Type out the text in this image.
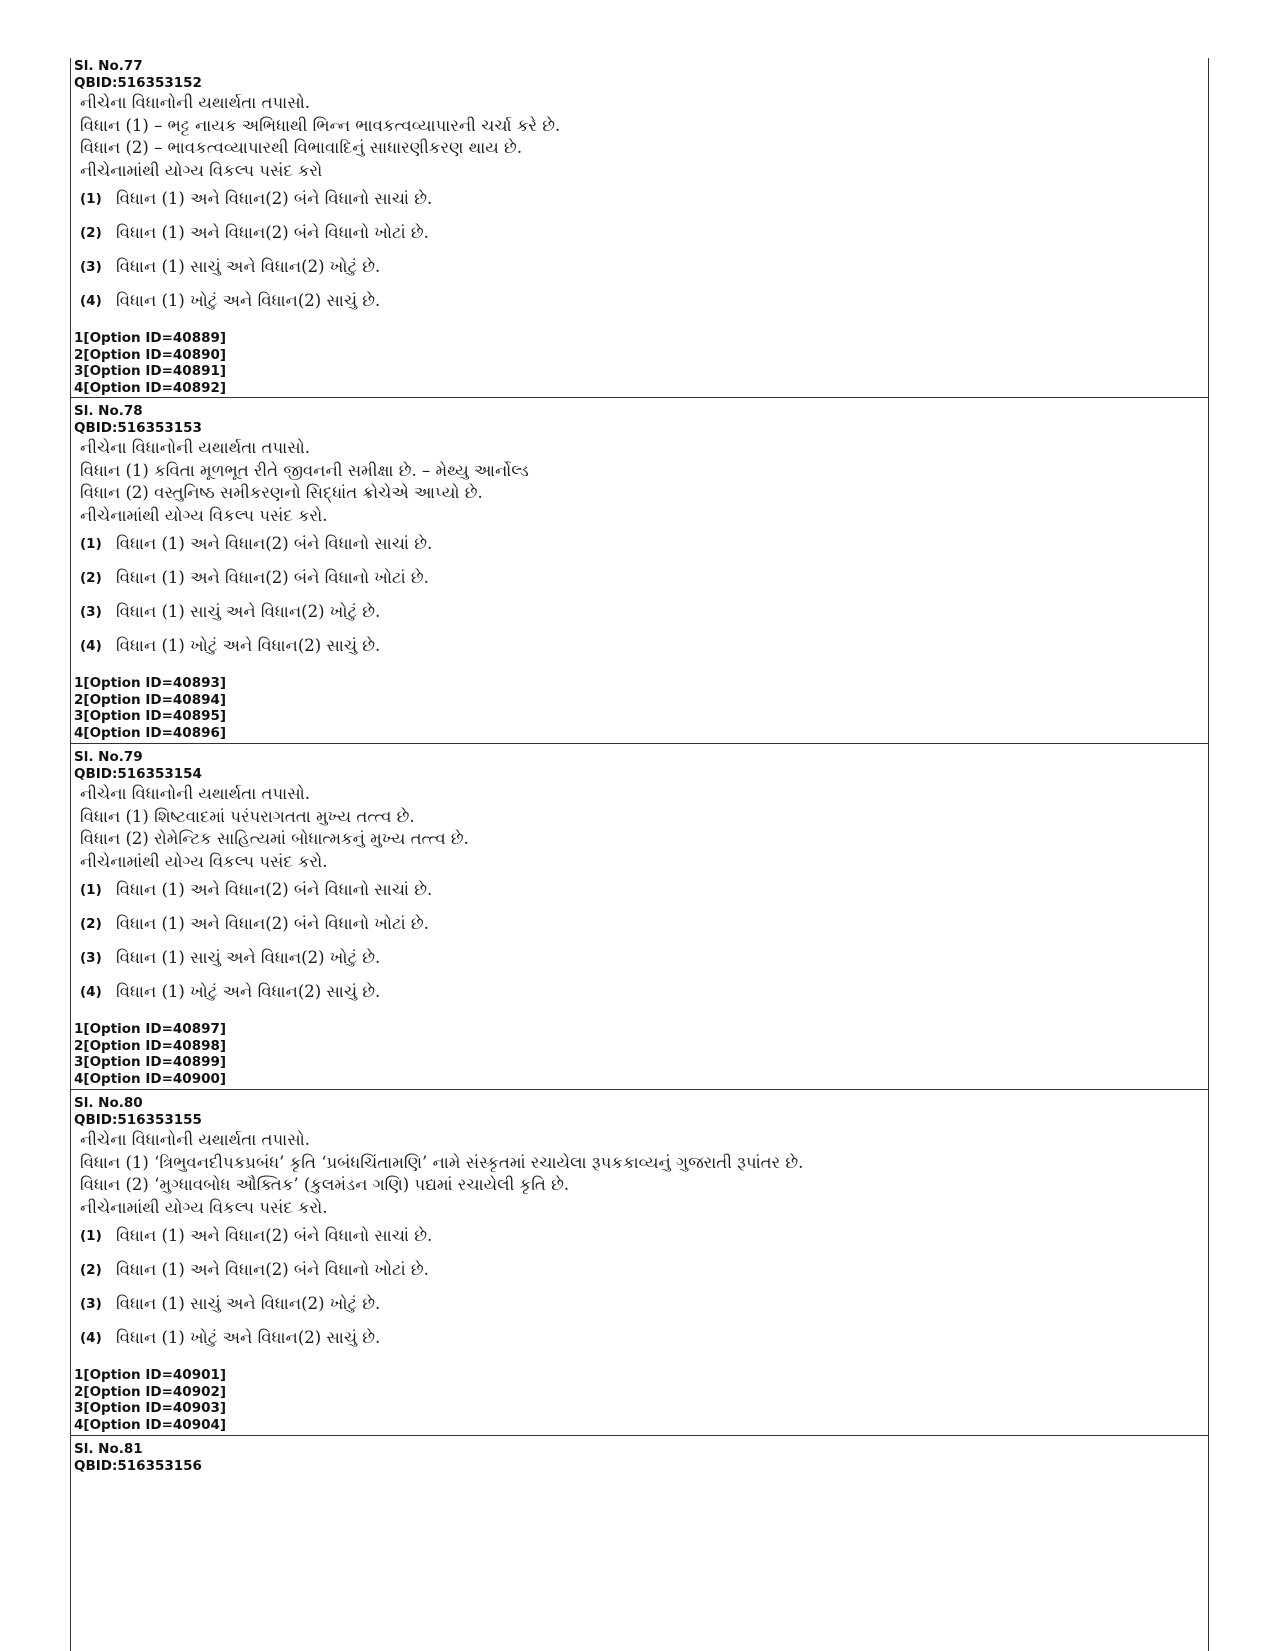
Sl. No.77
QBID:516353152
નીચેના વિધાનોની યથાર્થતા તપાસો.
વિધાન (1) – ભટ્ટ નાયક અભિધાથી ભિન્ન ભાવકત્વવ્યાપારની ચર્ચા કરે છે.
વિધાન (2) – ભાવકત્વવ્યાપારથી વિભાવાદિનું સાધારણીકરણ થાય છે.
નીચેનામાંથી યોગ્ય વિકલ્પ પસંદ કરો
(1) વિધાન (1) અને વિધાન(2) બંને વિધાનો સાચાં છે.
(2) વિધાન (1) અને વિધાન(2) બંને વિધાનો ખોટાં છે.
(3) વિધાન (1) સાચું અને વિધાન(2) ખોટું છે.
(4) વિધાન (1) ખોટું અને વિધાન(2) સાચું છે.
1[Option ID=40889]
2[Option ID=40890]
3[Option ID=40891]
4[Option ID=40892]
Sl. No.78
QBID:516353153
નીચેના વિધાનોની યથાર્થતા તપાસો.
વિધાન (1) કવિતા મૂળભૂત રીતે જીવનની સમીક્ષા છે. – મેથ્યુ આર્નોલ્ડ
વિધાન (2) વસ્તુનિષ્ઠ સમીકરણનો સિદ્ધાંત ક્રોચેએ આપ્યો છે.
નીચેનામાંથી યોગ્ય વિકલ્પ પસંદ કરો.
(1) વિધાન (1) અને વિધાન(2) બંને વિધાનો સાચાં છે.
(2) વિધાન (1) અને વિધાન(2) બંને વિધાનો ખોટાં છે.
(3) વિધાન (1) સાચું અને વિધાન(2) ખોટું છે.
(4) વિધાન (1) ખોટું અને વિધાન(2) સાચું છે.
1[Option ID=40893]
2[Option ID=40894]
3[Option ID=40895]
4[Option ID=40896]
Sl. No.79
QBID:516353154
નીચેના વિધાનોની યથાર્થતા તપાસો.
વિધાન (1) શિષ્ટવાદમાં પરંપરાગતતા મુખ્ય તત્ત્વ છે.
વિધાન (2) રોમેન્ટિક સાહિત્યમાં બોધાત્મકનું મુખ્ય તત્ત્વ છે.
નીચેનામાંથી યોગ્ય વિકલ્પ પસંદ કરો.
(1) વિધાન (1) અને વિધાન(2) બંને વિધાનો સાચાં છે.
(2) વિધાન (1) અને વિધાન(2) બંને વિધાનો ખોટાં છે.
(3) વિધાન (1) સાચું અને વિધાન(2) ખોટું છે.
(4) વિધાન (1) ખોટું અને વિધાન(2) સાચું છે.
1[Option ID=40897]
2[Option ID=40898]
3[Option ID=40899]
4[Option ID=40900]
Sl. No.80
QBID:516353155
નીચેના વિધાનોની યથાર્થતા તપાસો.
વિધાન (1) ‘ત્રિભુવનદીપકપ્રબંધ’ કૃતિ ‘પ્રબંધચિંતામણિ’ નામે સંસ્કૃતમાં રચાયેલા રૂપકકાવ્યનું ગુજરાતી રૂપાંતર છે.
વિધાન (2) ‘મુગ્ધાવબોધ ઔક્તિક’ (કુલમંડન ગણિ) પદ્યમાં રચાયેલી કૃતિ છે.
નીચેનામાંથી યોગ્ય વિકલ્પ પસંદ કરો.
(1) વિધાન (1) અને વિધાન(2) બંને વિધાનો સાચાં છે.
(2) વિધાન (1) અને વિધાન(2) બંને વિધાનો ખોટાં છે.
(3) વિધાન (1) સાચું અને વિધાન(2) ખોટું છે.
(4) વિધાન (1) ખોટું અને વિધાન(2) સાચું છે.
1[Option ID=40901]
2[Option ID=40902]
3[Option ID=40903]
4[Option ID=40904]
Sl. No.81
QBID:516353156
